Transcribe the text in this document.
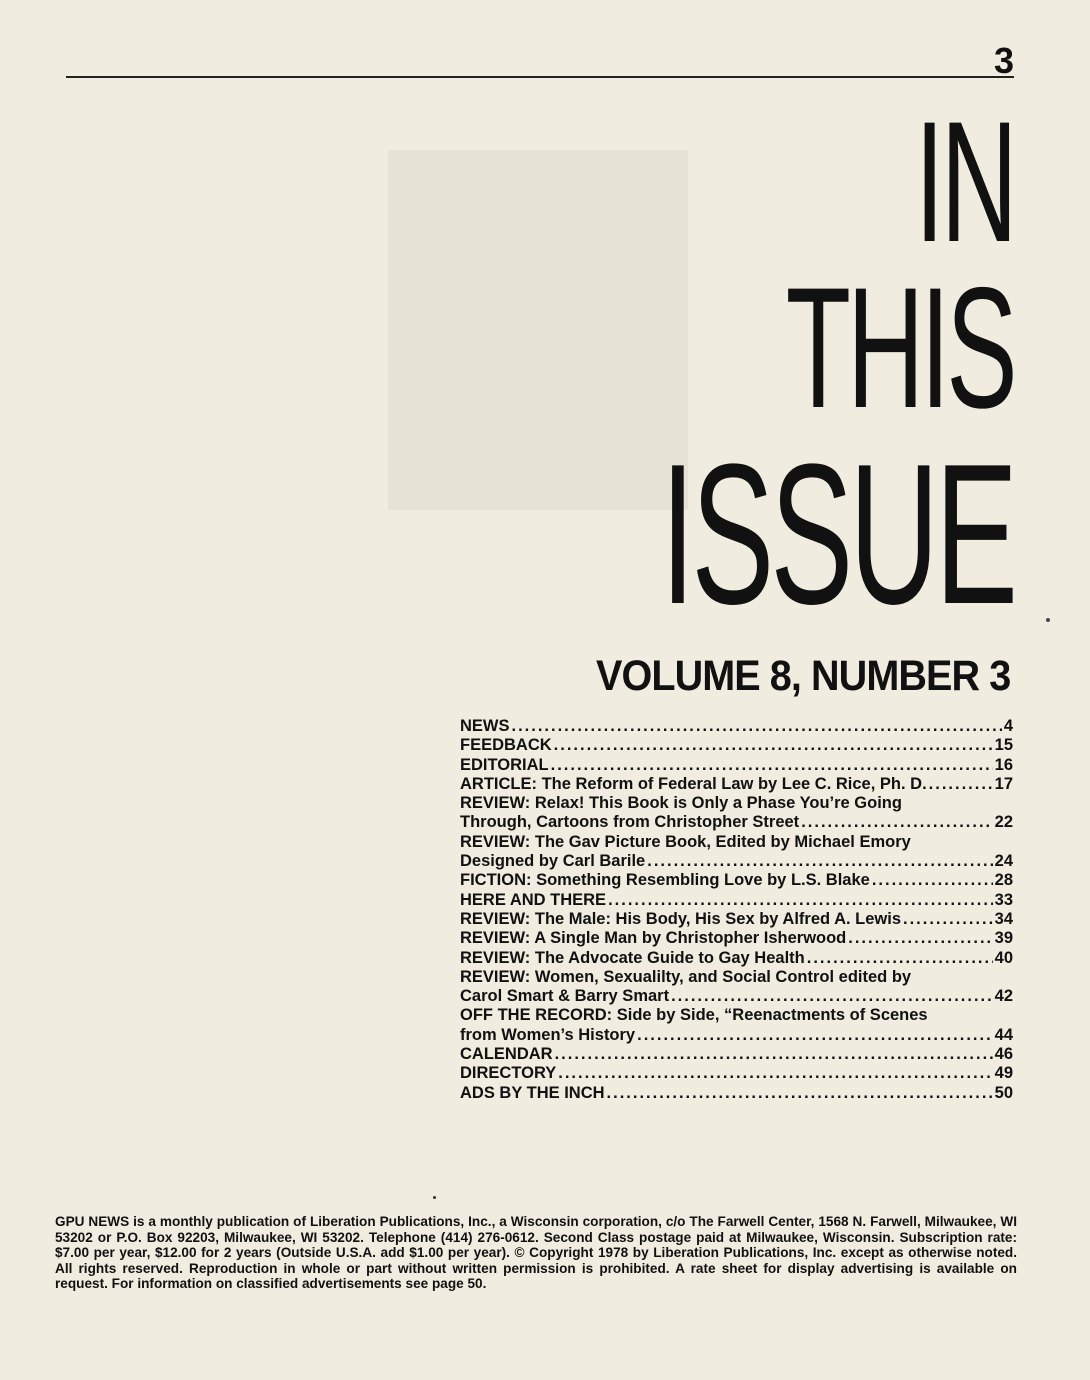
3
IN
THIS
ISSUE
VOLUME 8, NUMBER 3
NEWS .....	4
FEEDBACK .....	15
EDITORIAL .....	16
ARTICLE: The Reform of Federal Law by Lee C. Rice, Ph. D. .....	17
REVIEW: Relax! This Book is Only a Phase You’re Going
Through, Cartoons from Christopher Street .....	22
REVIEW: The Gav Picture Book, Edited by Michael Emory
Designed by Carl Barile .....	24
FICTION: Something Resembling Love by L.S. Blake .....	28
HERE AND THERE .....	33
REVIEW: The Male: His Body, His Sex by Alfred A. Lewis .....	34
REVIEW: A Single Man by Christopher Isherwood .....	39
REVIEW: The Advocate Guide to Gay Health .....	40
REVIEW: Women, Sexualilty, and Social Control edited by
Carol Smart & Barry Smart .....	42
OFF THE RECORD: Side by Side, “Reenactments of Scenes
from Women’s History .....	44
CALENDAR .....	46
DIRECTORY .....	49
ADS BY THE INCH .....	50
GPU NEWS is a monthly publication of Liberation Publications, Inc., a Wisconsin corporation, c/o The Farwell Center, 1568 N. Farwell, Milwaukee, WI 53202 or P.O. Box 92203, Milwaukee, WI 53202. Telephone (414) 276-0612. Second Class postage paid at Milwaukee, Wisconsin. Subscription rate: $7.00 per year, $12.00 for 2 years (Outside U.S.A. add $1.00 per year). © Copyright 1978 by Liberation Publications, Inc. except as otherwise noted. All rights reserved. Reproduction in whole or part without written permission is prohibited. A rate sheet for display advertising is available on request. For information on classified advertisements see page 50.
